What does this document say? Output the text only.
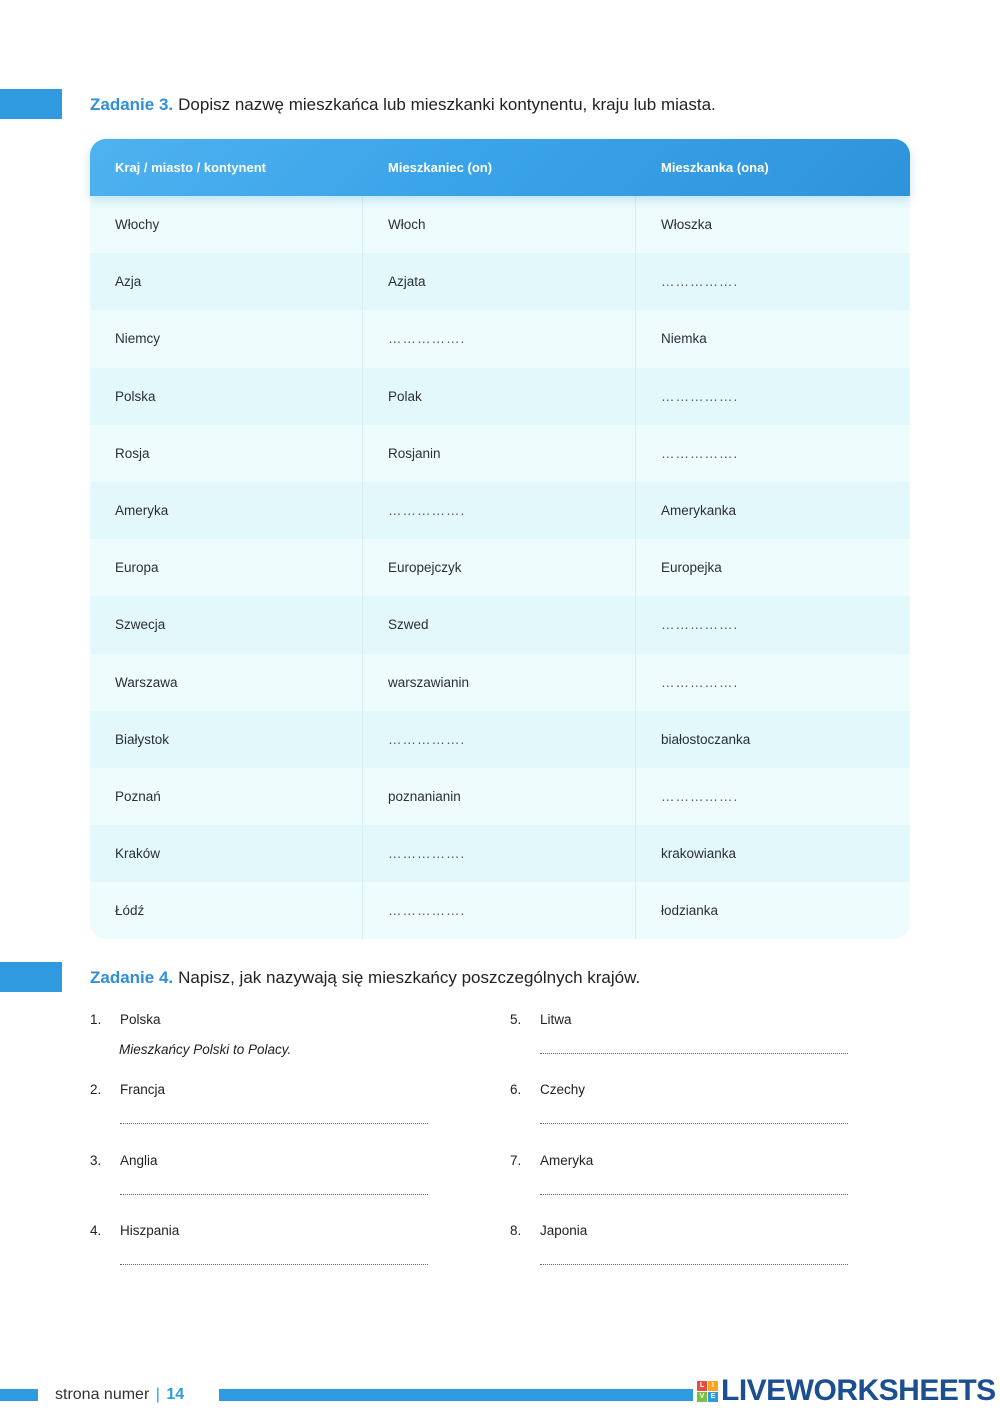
Zadanie 3. Dopisz nazwę mieszkańca lub mieszkanki kontynentu, kraju lub miasta.
Kraj / miasto / kontynent	Mieszkaniec (on)	Mieszkanka (ona)
Włochy	Włoch	Włoszka
Azja	Azjata	…………….
Niemcy	…………….	Niemka
Polska	Polak	…………….
Rosja	Rosjanin	…………….
Ameryka	…………….	Amerykanka
Europa	Europejczyk	Europejka
Szwecja	Szwed	…………….
Warszawa	warszawianin	…………….
Białystok	…………….	białostoczanka
Poznań	poznanianin	…………….
Kraków	…………….	krakowianka
Łódź	…………….	łodzianka
Zadanie 4. Napisz, jak nazywają się mieszkańcy poszczególnych krajów.
1. Polska
Mieszkańcy Polski to Polacy.
2. Francja
3. Anglia
4. Hiszpania
5. Litwa
6. Czechy
7. Ameryka
8. Japonia
strona numer | 14
L	I
V E LIVEWORKSHEETS
